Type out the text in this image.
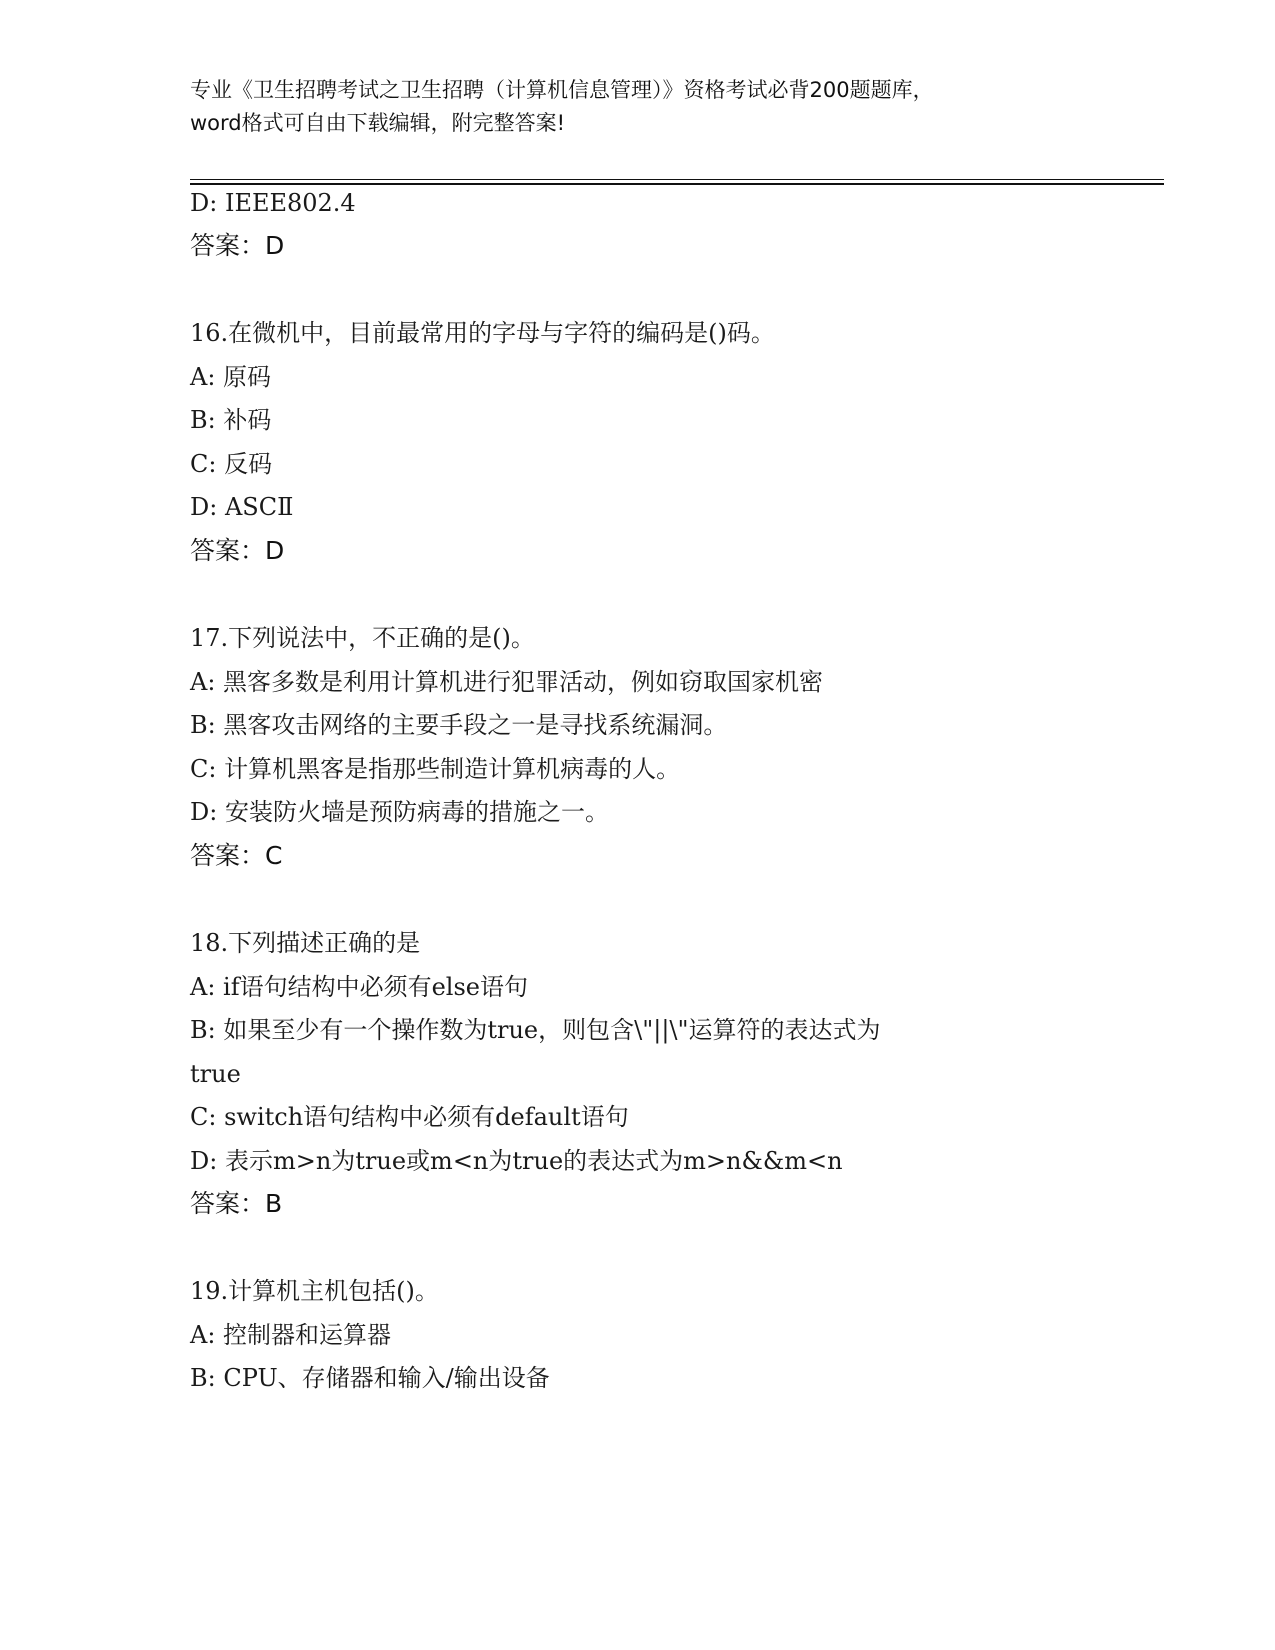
专业《卫生招聘考试之卫生招聘（计算机信息管理）》资格考试必背200题题库，
word格式可自由下载编辑，附完整答案!
D: IEEE802.4
答案：D
16.在微机中，目前最常用的字母与字符的编码是()码。
A: 原码
B: 补码
C: 反码
D: ASCⅡ
答案：D
17.下列说法中，不正确的是()。
A: 黑客多数是利用计算机进行犯罪活动，例如窃取国家机密
B: 黑客攻击网络的主要手段之一是寻找系统漏洞。
C: 计算机黑客是指那些制造计算机病毒的人。
D: 安装防火墙是预防病毒的措施之一。
答案：C
18.下列描述正确的是
A: if语句结构中必须有else语句
B: 如果至少有一个操作数为true，则包含\"||\"运算符的表达式为
true
C: switch语句结构中必须有default语句
D: 表示m>n为true或m<n为true的表达式为m>n&&m<n
答案：B
19.计算机主机包括()。
A: 控制器和运算器
B: CPU、存储器和输入/输出设备
